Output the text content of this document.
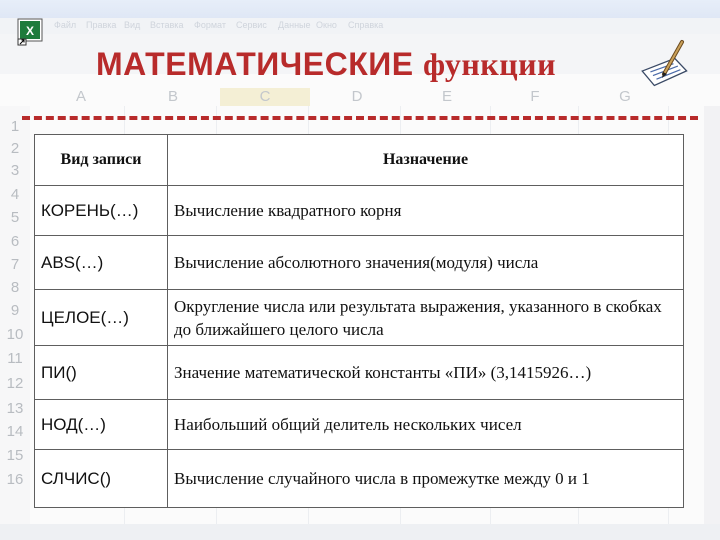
Файл Правка Вид Вставка Формат Сервис Данные Окно Справка
A	B	C	D	E	F	G
1
2
3
4
5
6
7
8
9
10
11
12
13
14
15
16
X
МАТЕМАТИЧЕСКИЕ функции
Вид записи	Назначение
КОРЕНЬ(…)	Вычисление квадратного корня
ABS(…)	Вычисление абсолютного значения(модуля) числа
ЦЕЛОЕ(…)	Округление числа или результата выражения, указанного в скобках до ближайшего целого числа
ПИ()	Значение математической константы «ПИ» (3,1415926…)
НОД(…)	Наибольший общий делитель нескольких чисел
СЛЧИС()	Вычисление случайного числа в промежутке между 0 и 1
